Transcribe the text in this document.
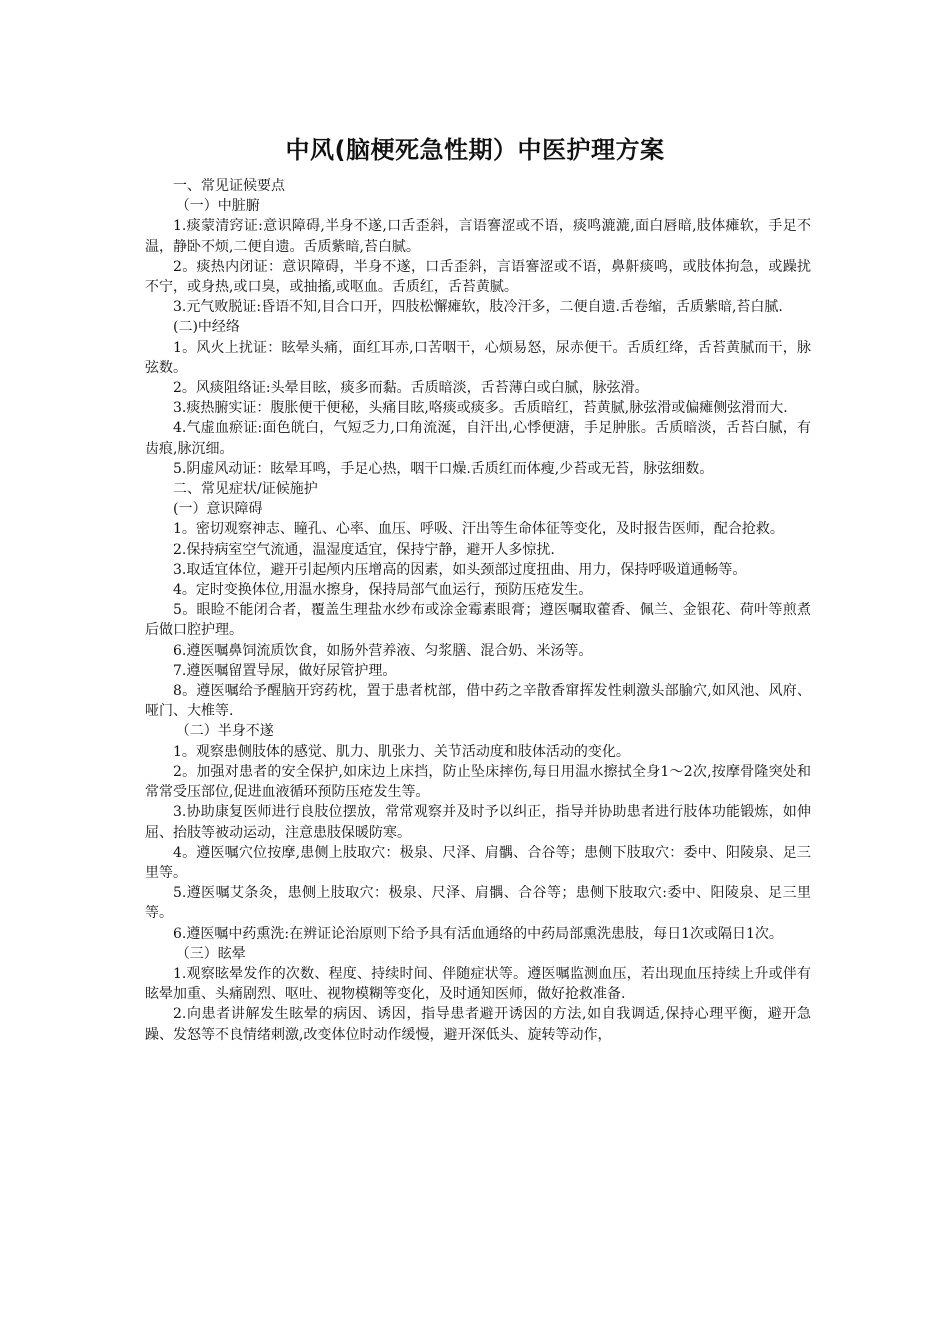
中风(脑梗死急性期）中医护理方案

一、常见证候要点

（一）中脏腑

1.痰蒙清窍证:意识障碍,半身不遂,口舌歪斜，言语謇涩或不语，痰鸣漉漉,面白唇暗,肢体瘫软，手足不温，静卧不烦,二便自遗。舌质紫暗,苔白腻。

2。痰热内闭证：意识障碍，半身不遂，口舌歪斜，言语謇涩或不语，鼻鼾痰鸣，或肢体拘急，或躁扰不宁，或身热,或口臭，或抽搐,或呕血。舌质红，舌苔黄腻。

3.元气败脱证:昏语不知,目合口开，四肢松懈瘫软，肢冷汗多，二便自遗.舌卷缩，舌质紫暗,苔白腻.

(二)中经络

1。风火上扰证：眩晕头痛，面红耳赤,口苦咽干，心烦易怒，尿赤便干。舌质红绛，舌苔黄腻而干，脉弦数。

2。风痰阻络证:头晕目眩，痰多而黏。舌质暗淡，舌苔薄白或白腻，脉弦滑。

3.痰热腑实证：腹胀便干便秘，头痛目眩,咯痰或痰多。舌质暗红，苔黄腻,脉弦滑或偏瘫侧弦滑而大.

4.气虚血瘀证:面色㿠白，气短乏力,口角流涎，自汗出,心悸便溏，手足肿胀。舌质暗淡，舌苔白腻，有齿痕,脉沉细。

5.阴虚风动证：眩晕耳鸣，手足心热，咽干口燥.舌质红而体瘦,少苔或无苔，脉弦细数。

二、常见症状/证候施护

(一）意识障碍

1。密切观察神志、瞳孔、心率、血压、呼吸、汗出等生命体征等变化，及时报告医师，配合抢救。

2.保持病室空气流通，温湿度适宜，保持宁静，避开人多惊扰.

3.取适宜体位，避开引起颅内压增高的因素，如头颈部过度扭曲、用力，保持呼吸道通畅等。

4。定时变换体位,用温水擦身，保持局部气血运行，预防压疮发生。

5。眼睑不能闭合者，覆盖生理盐水纱布或涂金霉素眼膏；遵医嘱取藿香、佩兰、金银花、荷叶等煎煮后做口腔护理。

6.遵医嘱鼻饲流质饮食，如肠外营养液、匀浆膳、混合奶、米汤等。

7.遵医嘱留置导尿，做好尿管护理。

8。遵医嘱给予醒脑开窍药枕，置于患者枕部，借中药之辛散香窜挥发性刺激头部腧穴,如风池、风府、哑门、大椎等.

（二）半身不遂

1。观察患侧肢体的感觉、肌力、肌张力、关节活动度和肢体活动的变化。

2。加强对患者的安全保护,如床边上床挡，防止坠床摔伤,每日用温水擦拭全身1～2次,按摩骨隆突处和常常受压部位,促进血液循环预防压疮发生等。

3.协助康复医师进行良肢位摆放，常常观察并及时予以纠正，指导并协助患者进行肢体功能锻炼，如伸屈、抬肢等被动运动，注意患肢保暖防寒。

4。遵医嘱穴位按摩,患侧上肢取穴：极泉、尺泽、肩髃、合谷等；患侧下肢取穴：委中、阳陵泉、足三里等。

5.遵医嘱艾条灸，患侧上肢取穴：极泉、尺泽、肩髃、合谷等；患侧下肢取穴:委中、阳陵泉、足三里等。

6.遵医嘱中药熏洗:在辨证论治原则下给予具有活血通络的中药局部熏洗患肢，每日1次或隔日1次。

（三）眩晕

1.观察眩晕发作的次数、程度、持续时间、伴随症状等。遵医嘱监测血压，若出现血压持续上升或伴有眩晕加重、头痛剧烈、呕吐、视物模糊等变化，及时通知医师，做好抢救准备.

2.向患者讲解发生眩晕的病因、诱因，指导患者避开诱因的方法,如自我调适,保持心理平衡，避开急躁、发怒等不良情绪刺激,改变体位时动作缓慢，避开深低头、旋转等动作，
